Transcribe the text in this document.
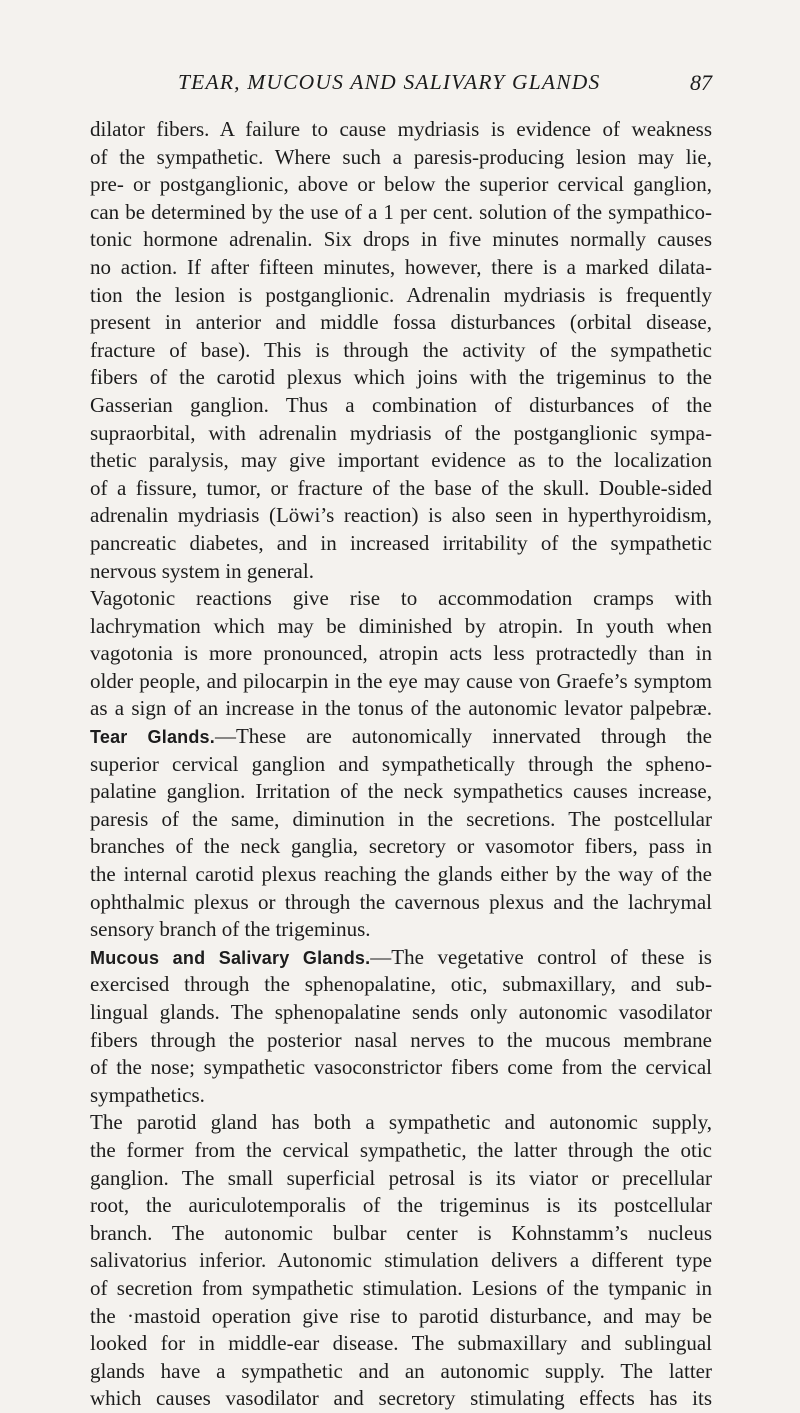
TEAR, MUCOUS AND SALIVARY GLANDS	87
dilator fibers. A failure to cause mydriasis is evidence of weakness
of the sympathetic. Where such a paresis-producing lesion may lie,
pre- or postganglionic, above or below the superior cervical ganglion,
can be determined by the use of a 1 per cent. solution of the sympathico-
tonic hormone adrenalin. Six drops in five minutes normally causes
no action. If after fifteen minutes, however, there is a marked dilata-
tion the lesion is postganglionic. Adrenalin mydriasis is frequently
present in anterior and middle fossa disturbances (orbital disease,
fracture of base). This is through the activity of the sympathetic
fibers of the carotid plexus which joins with the trigeminus to the
Gasserian ganglion. Thus a combination of disturbances of the
supraorbital, with adrenalin mydriasis of the postganglionic sympa-
thetic paralysis, may give important evidence as to the localization
of a fissure, tumor, or fracture of the base of the skull. Double-sided
adrenalin mydriasis (Löwi’s reaction) is also seen in hyperthyroidism,
pancreatic diabetes, and in increased irritability of the sympathetic
nervous system in general.
Vagotonic reactions give rise to accommodation cramps with
lachrymation which may be diminished by atropin. In youth when
vagotonia is more pronounced, atropin acts less protractedly than in
older people, and pilocarpin in the eye may cause von Graefe’s symptom
as a sign of an increase in the tonus of the autonomic levator palpebræ.
Tear Glands.—These are autonomically innervated through the
superior cervical ganglion and sympathetically through the spheno-
palatine ganglion. Irritation of the neck sympathetics causes increase,
paresis of the same, diminution in the secretions. The postcellular
branches of the neck ganglia, secretory or vasomotor fibers, pass in
the internal carotid plexus reaching the glands either by the way of the
ophthalmic plexus or through the cavernous plexus and the lachrymal
sensory branch of the trigeminus.
Mucous and Salivary Glands.—The vegetative control of these is
exercised through the sphenopalatine, otic, submaxillary, and sub-
lingual glands. The sphenopalatine sends only autonomic vasodilator
fibers through the posterior nasal nerves to the mucous membrane
of the nose; sympathetic vasoconstrictor fibers come from the cervical
sympathetics.
The parotid gland has both a sympathetic and autonomic supply,
the former from the cervical sympathetic, the latter through the otic
ganglion. The small superficial petrosal is its viator or precellular
root, the auriculotemporalis of the trigeminus is its postcellular
branch. The autonomic bulbar center is Kohnstamm’s nucleus
salivatorius inferior. Autonomic stimulation delivers a different type
of secretion from sympathetic stimulation. Lesions of the tympanic in
the ·mastoid operation give rise to parotid disturbance, and may be
looked for in middle-ear disease. The submaxillary and sublingual
glands have a sympathetic and an autonomic supply. The latter
which causes vasodilator and secretory stimulating effects has its
